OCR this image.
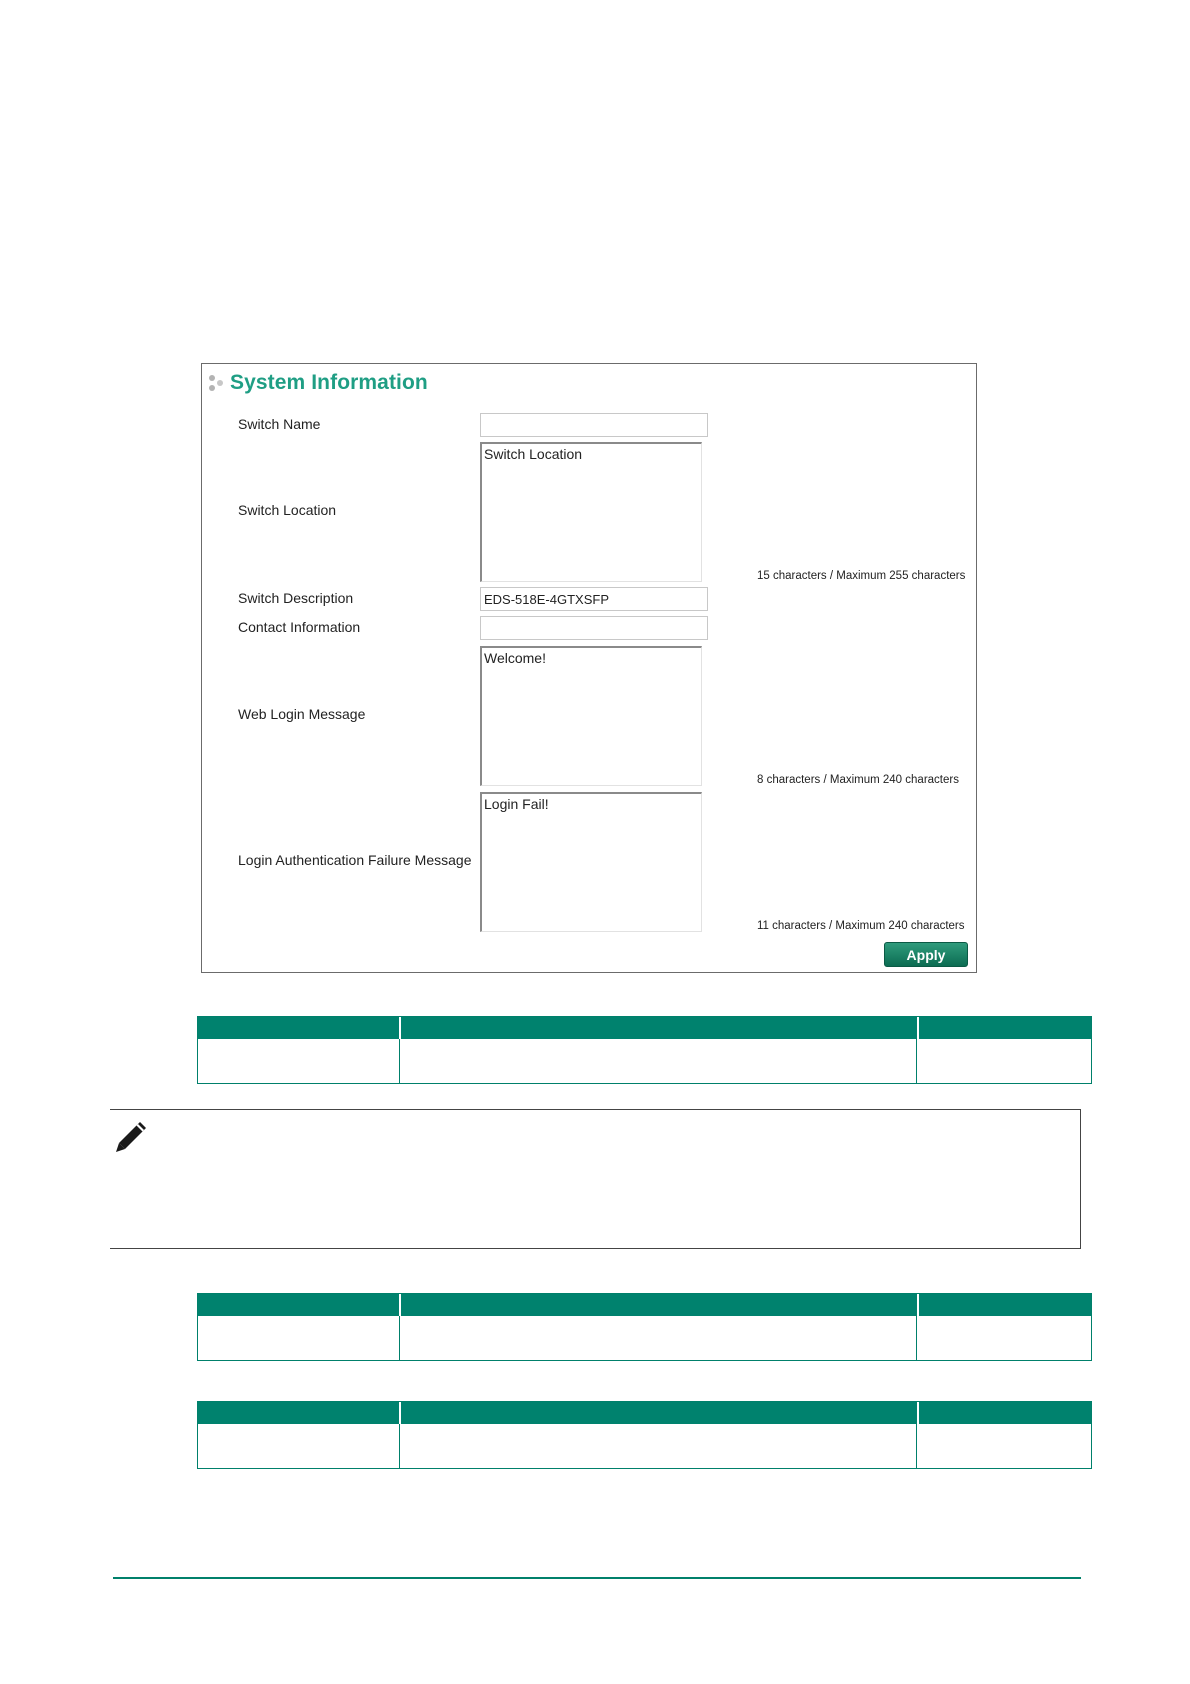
System Information
Switch Name
Switch Location
Switch Location
15 characters / Maximum 255 characters
Switch Description
EDS-518E-4GTXSFP
Contact Information
Web Login Message
Welcome!
8 characters / Maximum 240 characters
Login Authentication Failure Message
Login Fail!
11 characters / Maximum 240 characters
Apply
